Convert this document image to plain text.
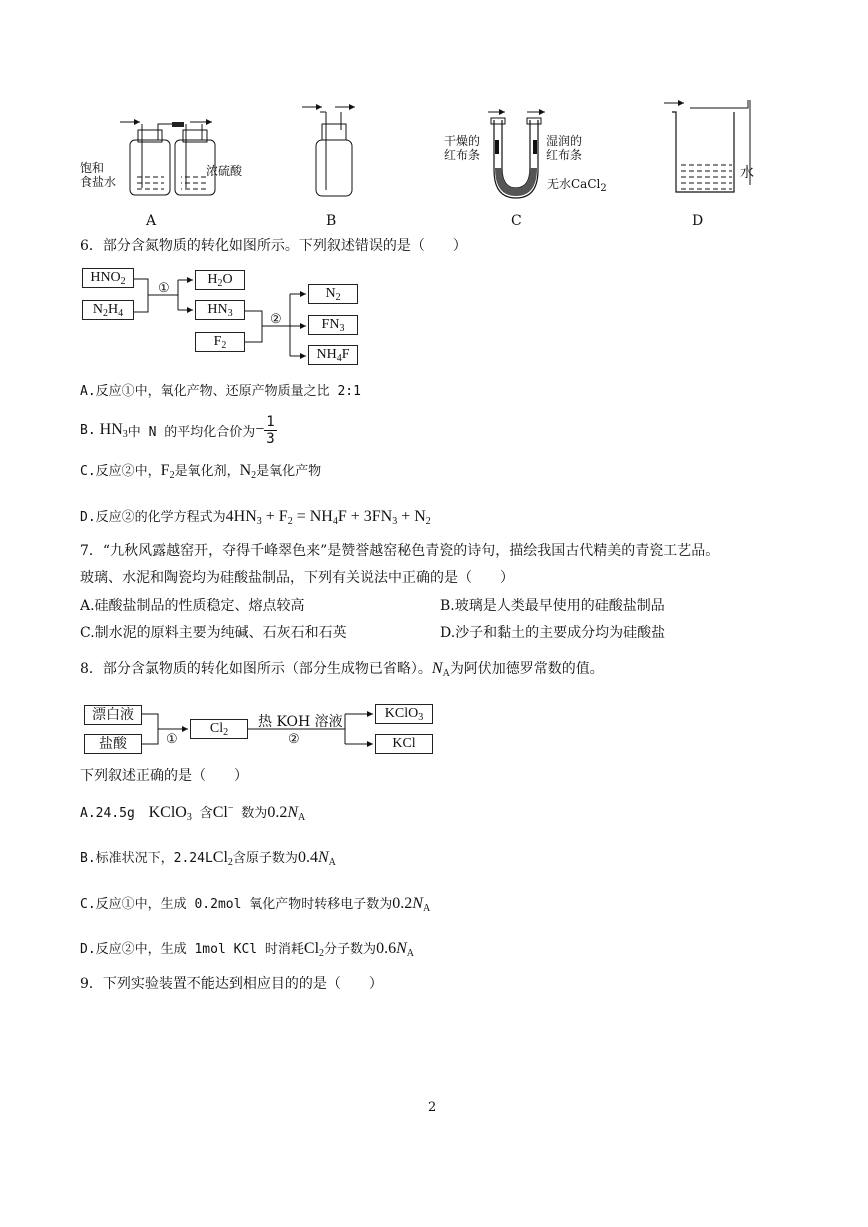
饱和
食盐水
浓硫酸
干燥的
红布条
湿润的
红布条
无水CaCl$_2$
水
A	B	C	D
6．部分含氮物质的转化如图所示。下列叙述错误的是（　　）
$HNO_2$
$N_2H_4$
$H_2O$
$HN_3$
$F_2$
$N_2$
$FN_3$
$NH_4F$
①
②
A.反应①中，氧化产物、还原产物质量之比 2:1
B. $HN_3$ 中 N 的平均化合价为 − $\frac{1}{3}$
C.反应②中，$F_2$是氧化剂，$N_2$是氧化产物
D.反应②的化学方程式为$4HN_3 + F_2 = NH_4F + 3FN_3 + N_2$
7．“九秋风露越窑开，夺得千峰翠色来”是赞誉越窑秘色青瓷的诗句，描绘我国古代精美的青瓷工艺品。
玻璃、水泥和陶瓷均为硅酸盐制品，下列有关说法中正确的是（　　）
A.硅酸盐制品的性质稳定、熔点较高	B.玻璃是人类最早使用的硅酸盐制品
C.制水泥的原料主要为纯碱、石灰石和石英	D.沙子和黏土的主要成分均为硅酸盐
8．部分含氯物质的转化如图所示（部分生成物已省略）。$N_A$为阿伏加德罗常数的值。
漂白液
盐酸
$Cl_2$
KClO$_3$
KCl
①
热 KOH 溶液
②
下列叙述正确的是（　　）
A.24.5g KClO$_3$ 含Cl− 数为$0.2N_A$
B.标准状况下，2.24LCl$_2$含原子数为$0.4N_A$
C.反应①中，生成 0.2mol 氧化产物时转移电子数为$0.2N_A$
D.反应②中，生成 1mol KCl 时消耗$Cl_2$分子数为$0.6N_A$
9．下列实验装置不能达到相应目的的是（　　）
2
